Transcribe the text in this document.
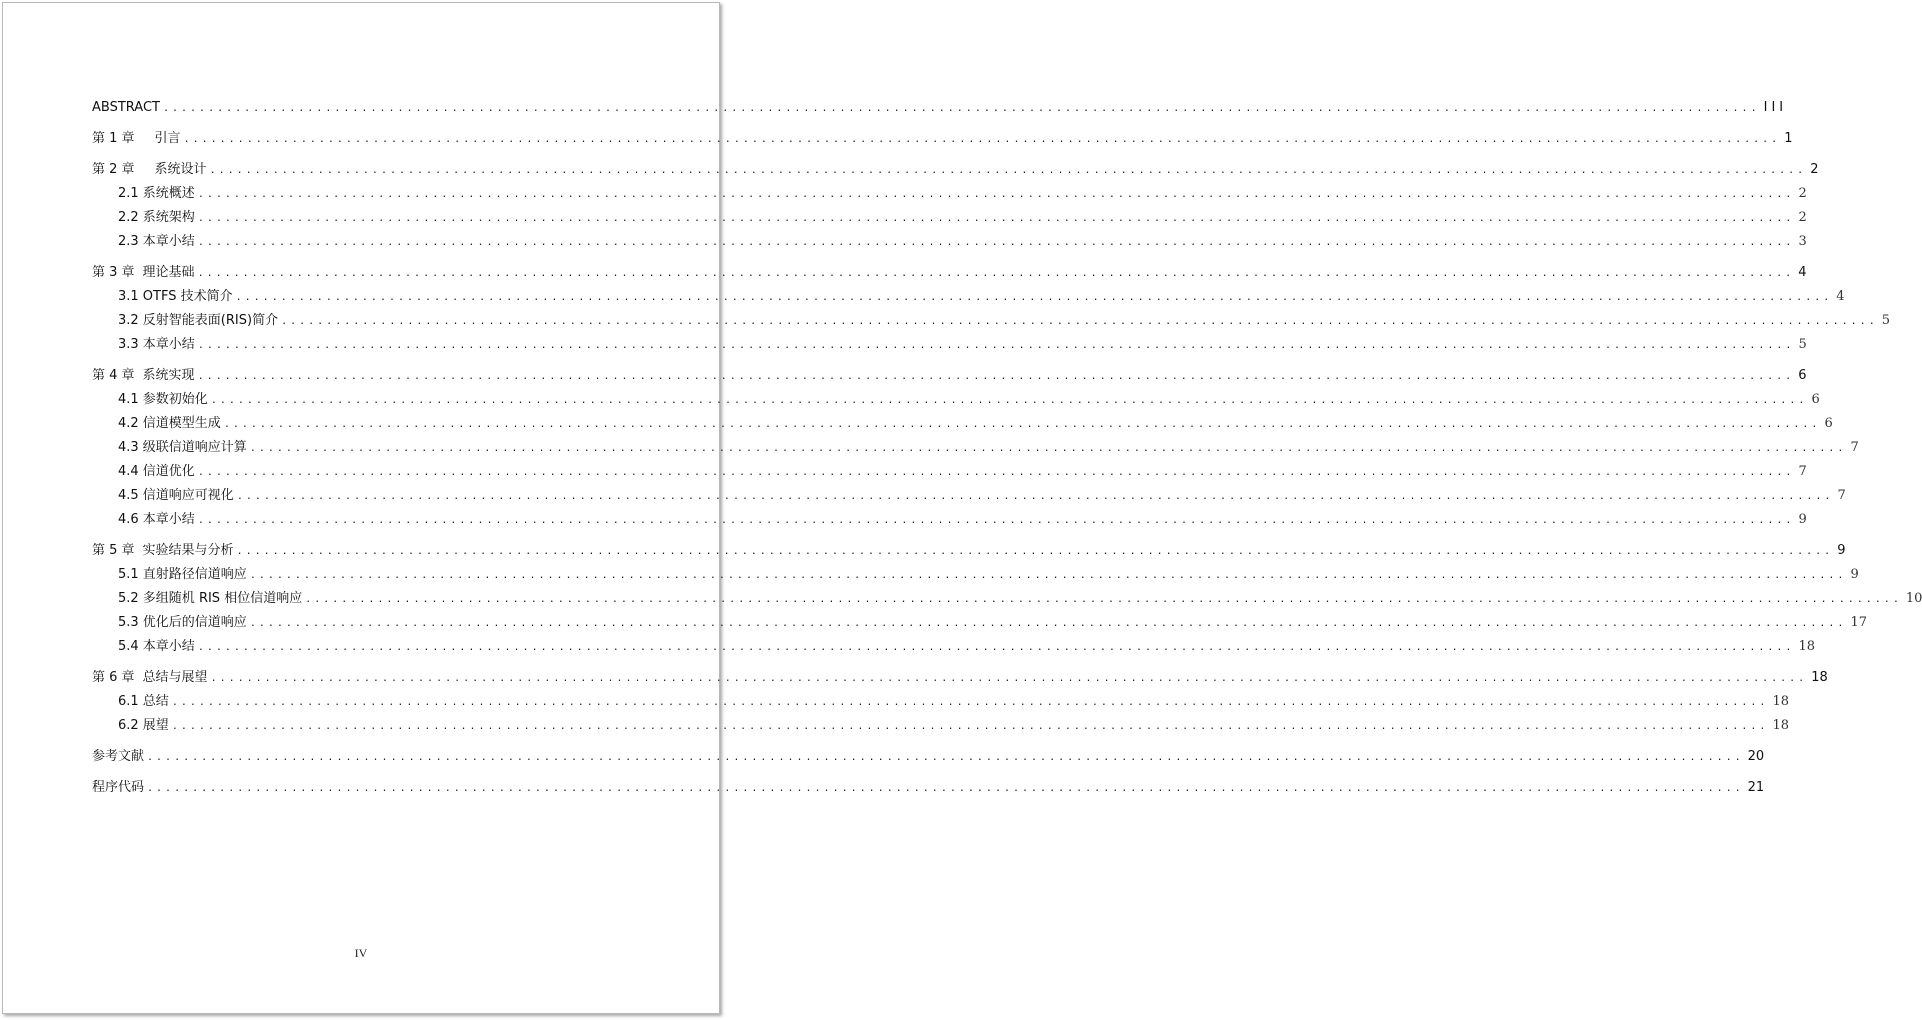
ABSTRACT .....	III
第 1 章 引言 .....	1
第 2 章 系统设计 .....	2
2.1 系统概述 .....	2
2.2 系统架构 .....	2
2.3 本章小结 .....	3
第 3 章 理论基础 .....	4
3.1 OTFS 技术简介 .....	4
3.2 反射智能表面(RIS)简介 .....	5
3.3 本章小结 .....	5
第 4 章 系统实现 .....	6
4.1 参数初始化 .....	6
4.2 信道模型生成 .....	6
4.3 级联信道响应计算 .....	7
4.4 信道优化 .....	7
4.5 信道响应可视化 .....	7
4.6 本章小结 .....	9
第 5 章 实验结果与分析 .....	9
5.1 直射路径信道响应 .....	9
5.2 多组随机 RIS 相位信道响应 .....	10
5.3 优化后的信道响应 .....	17
5.4 本章小结 .....	18
第 6 章 总结与展望 .....	18
6.1 总结 .....	18
6.2 展望 .....	18
参考文献 .....	20
程序代码 .....	21
IV
